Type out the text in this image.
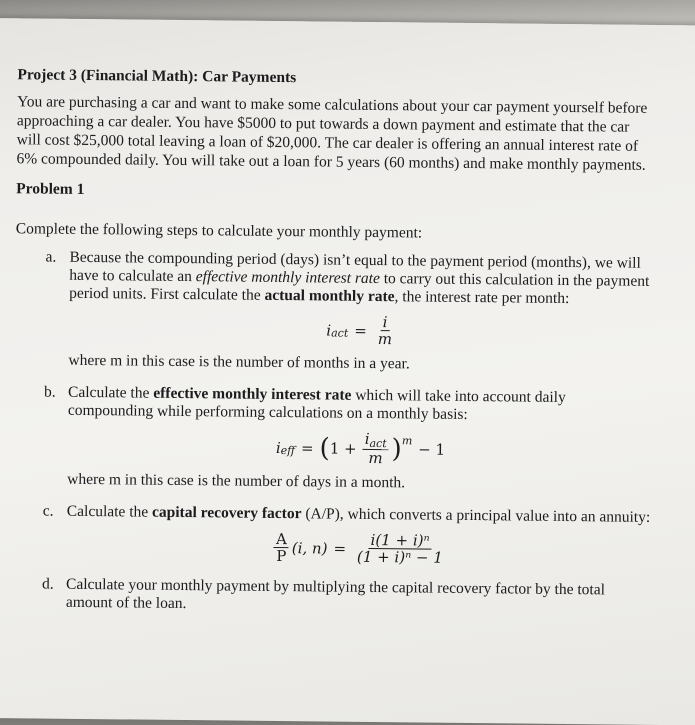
Project 3 (Financial Math): Car Payments

You are purchasing a car and want to make some calculations about your car payment yourself before approaching a car dealer. You have $5000 to put towards a down payment and estimate that the car will cost $25,000 total leaving a loan of $20,000. The car dealer is offering an annual interest rate of 6% compounded daily. You will take out a loan for 5 years (60 months) and make monthly payments.

Problem 1

Complete the following steps to calculate your monthly payment:

a. Because the compounding period (days) isn’t equal to the payment period (months), we will have to calculate an effective monthly interest rate to carry out this calculation in the payment period units. First calculate the actual monthly rate, the interest rate per month:
i act = $\frac{i}{m}$
where m in this case is the number of months in a year.
b. Calculate the effective monthly interest rate which will take into account daily compounding while performing calculations on a monthly basis:
i eff = ( $1 + \frac{i_{act}}{m}$ ) m − 1
where m in this case is the number of days in a month.
c. Calculate the capital recovery factor (A/P), which converts a principal value into an annuity:
$\frac{A}{P} (i$, $n) = \frac{\text{i(1 + i)ⁿ}}{\text{(1 + i)ⁿ − 1}}$
d. Calculate your monthly payment by multiplying the capital recovery factor by the total amount of the loan.
